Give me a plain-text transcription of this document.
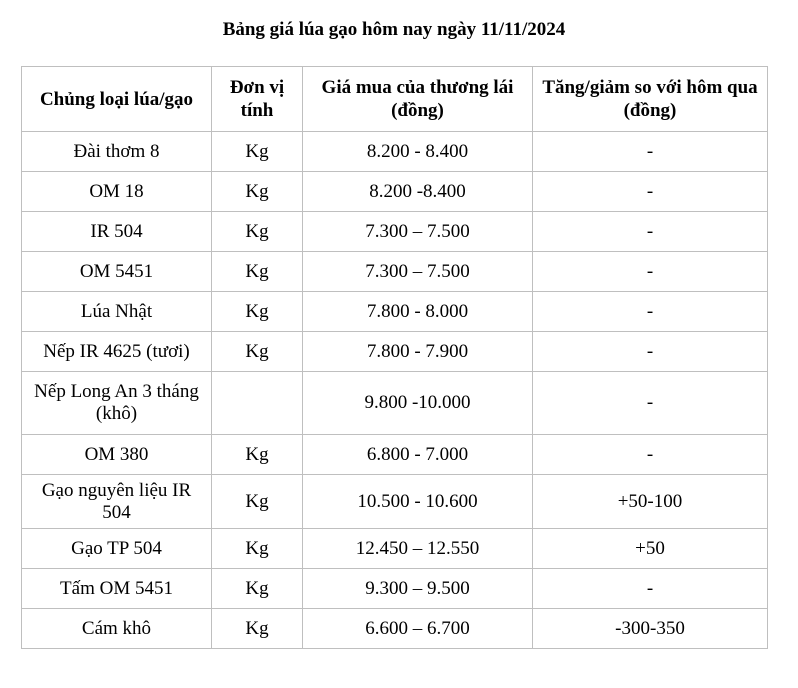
Bảng giá lúa gạo hôm nay ngày 11/11/2024
Chủng loại lúa/gạo	Đơn vị tính	Giá mua của thương lái (đồng)	Tăng/giảm so với hôm qua (đồng)
Đài thơm 8	Kg	8.200 - 8.400	-
OM 18	Kg	8.200 -8.400	-
IR 504	Kg	7.300 – 7.500	-
OM 5451	Kg	7.300 – 7.500	-
Lúa Nhật	Kg	7.800 - 8.000	-
Nếp IR 4625 (tươi)	Kg	7.800 - 7.900	-
Nếp Long An 3 tháng (khô)		9.800 -10.000	-
OM 380	Kg	6.800 - 7.000	-
Gạo nguyên liệu IR 504	Kg	10.500 - 10.600	+50-100
Gạo TP 504	Kg	12.450 – 12.550	+50
Tấm OM 5451	Kg	9.300 – 9.500	-
Cám khô	Kg	6.600 – 6.700	-300-350
